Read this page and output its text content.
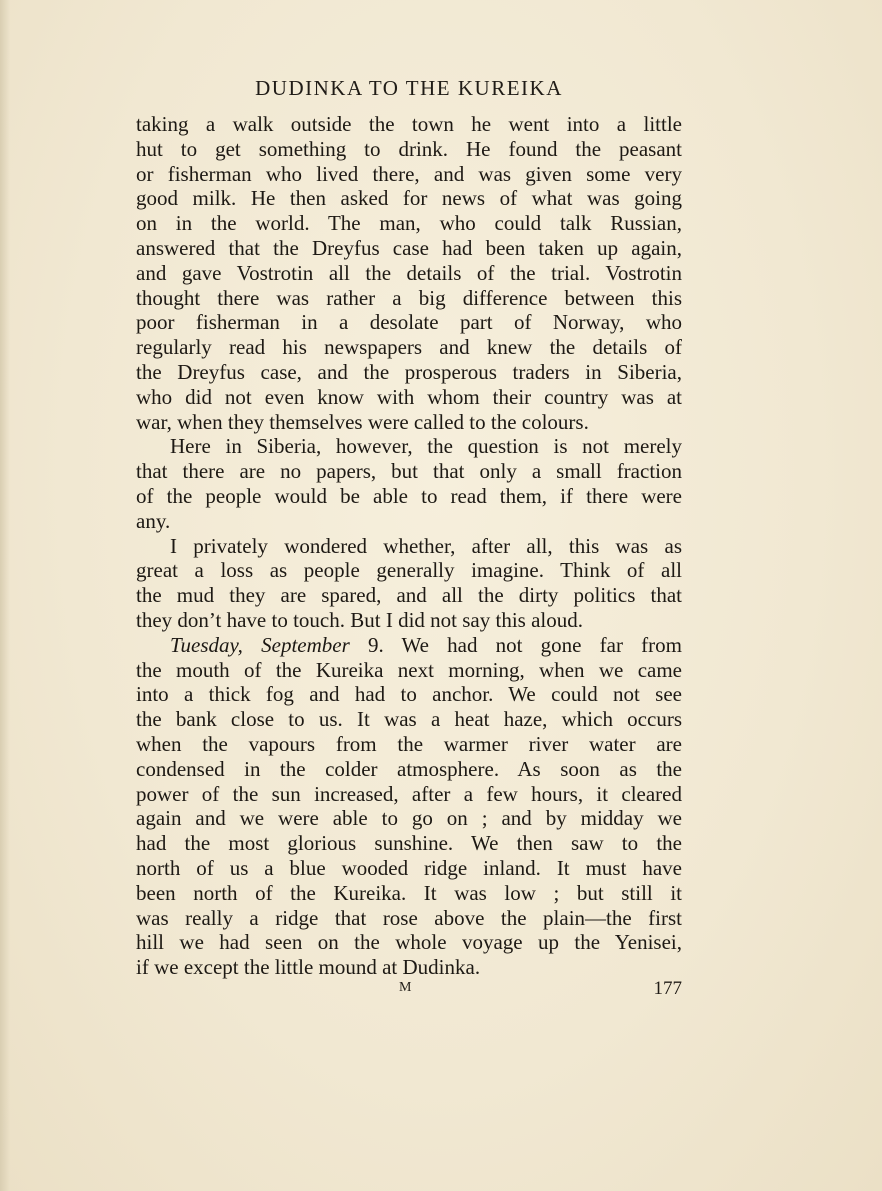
DUDINKA TO THE KUREIKA
taking a walk outside the town he went into a little
hut to get something to drink. He found the peasant
or fisherman who lived there, and was given some very
good milk. He then asked for news of what was going
on in the world. The man, who could talk Russian,
answered that the Dreyfus case had been taken up again,
and gave Vostrotin all the details of the trial. Vostrotin
thought there was rather a big difference between this
poor fisherman in a desolate part of Norway, who
regularly read his newspapers and knew the details of
the Dreyfus case, and the prosperous traders in Siberia,
who did not even know with whom their country was at
war, when they themselves were called to the colours.
Here in Siberia, however, the question is not merely
that there are no papers, but that only a small fraction
of the people would be able to read them, if there were
any.
I privately wondered whether, after all, this was as
great a loss as people generally imagine. Think of all
the mud they are spared, and all the dirty politics that
they don’t have to touch. But I did not say this aloud.
Tuesday, September 9. We had not gone far from
the mouth of the Kureika next morning, when we came
into a thick fog and had to anchor. We could not see
the bank close to us. It was a heat haze, which occurs
when the vapours from the warmer river water are
condensed in the colder atmosphere. As soon as the
power of the sun increased, after a few hours, it cleared
again and we were able to go on ; and by midday we
had the most glorious sunshine. We then saw to the
north of us a blue wooded ridge inland. It must have
been north of the Kureika. It was low ; but still it
was really a ridge that rose above the plain—the first
hill we had seen on the whole voyage up the Yenisei,
if we except the little mound at Dudinka.
M	177
